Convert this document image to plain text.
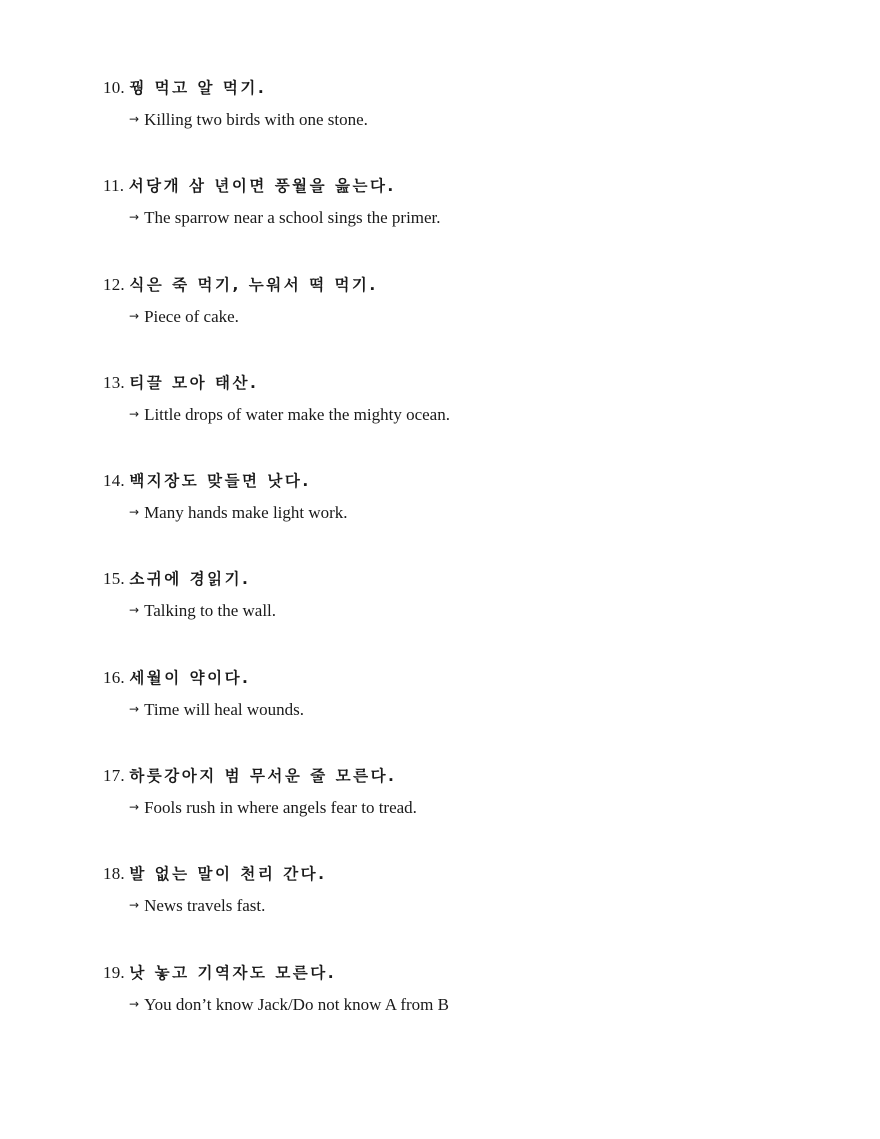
10. 꿩 먹고 알 먹기.
→ Killing two birds with one stone.
11. 서당개 삼 년이면 풍월을 읊는다.
→ The sparrow near a school sings the primer.
12. 식은 죽 먹기, 누워서 떡 먹기.
→ Piece of cake.
13. 티끌 모아 태산.
→ Little drops of water make the mighty ocean.
14. 백지장도 맞들면 낫다.
→ Many hands make light work.
15. 소귀에 경읽기.
→ Talking to the wall.
16. 세월이 약이다.
→ Time will heal wounds.
17. 하룻강아지 범 무서운 줄 모른다.
→ Fools rush in where angels fear to tread.
18. 발 없는 말이 천리 간다.
→ News travels fast.
19. 낫 놓고 기역자도 모른다.
→ You don’t know Jack/Do not know A from B
